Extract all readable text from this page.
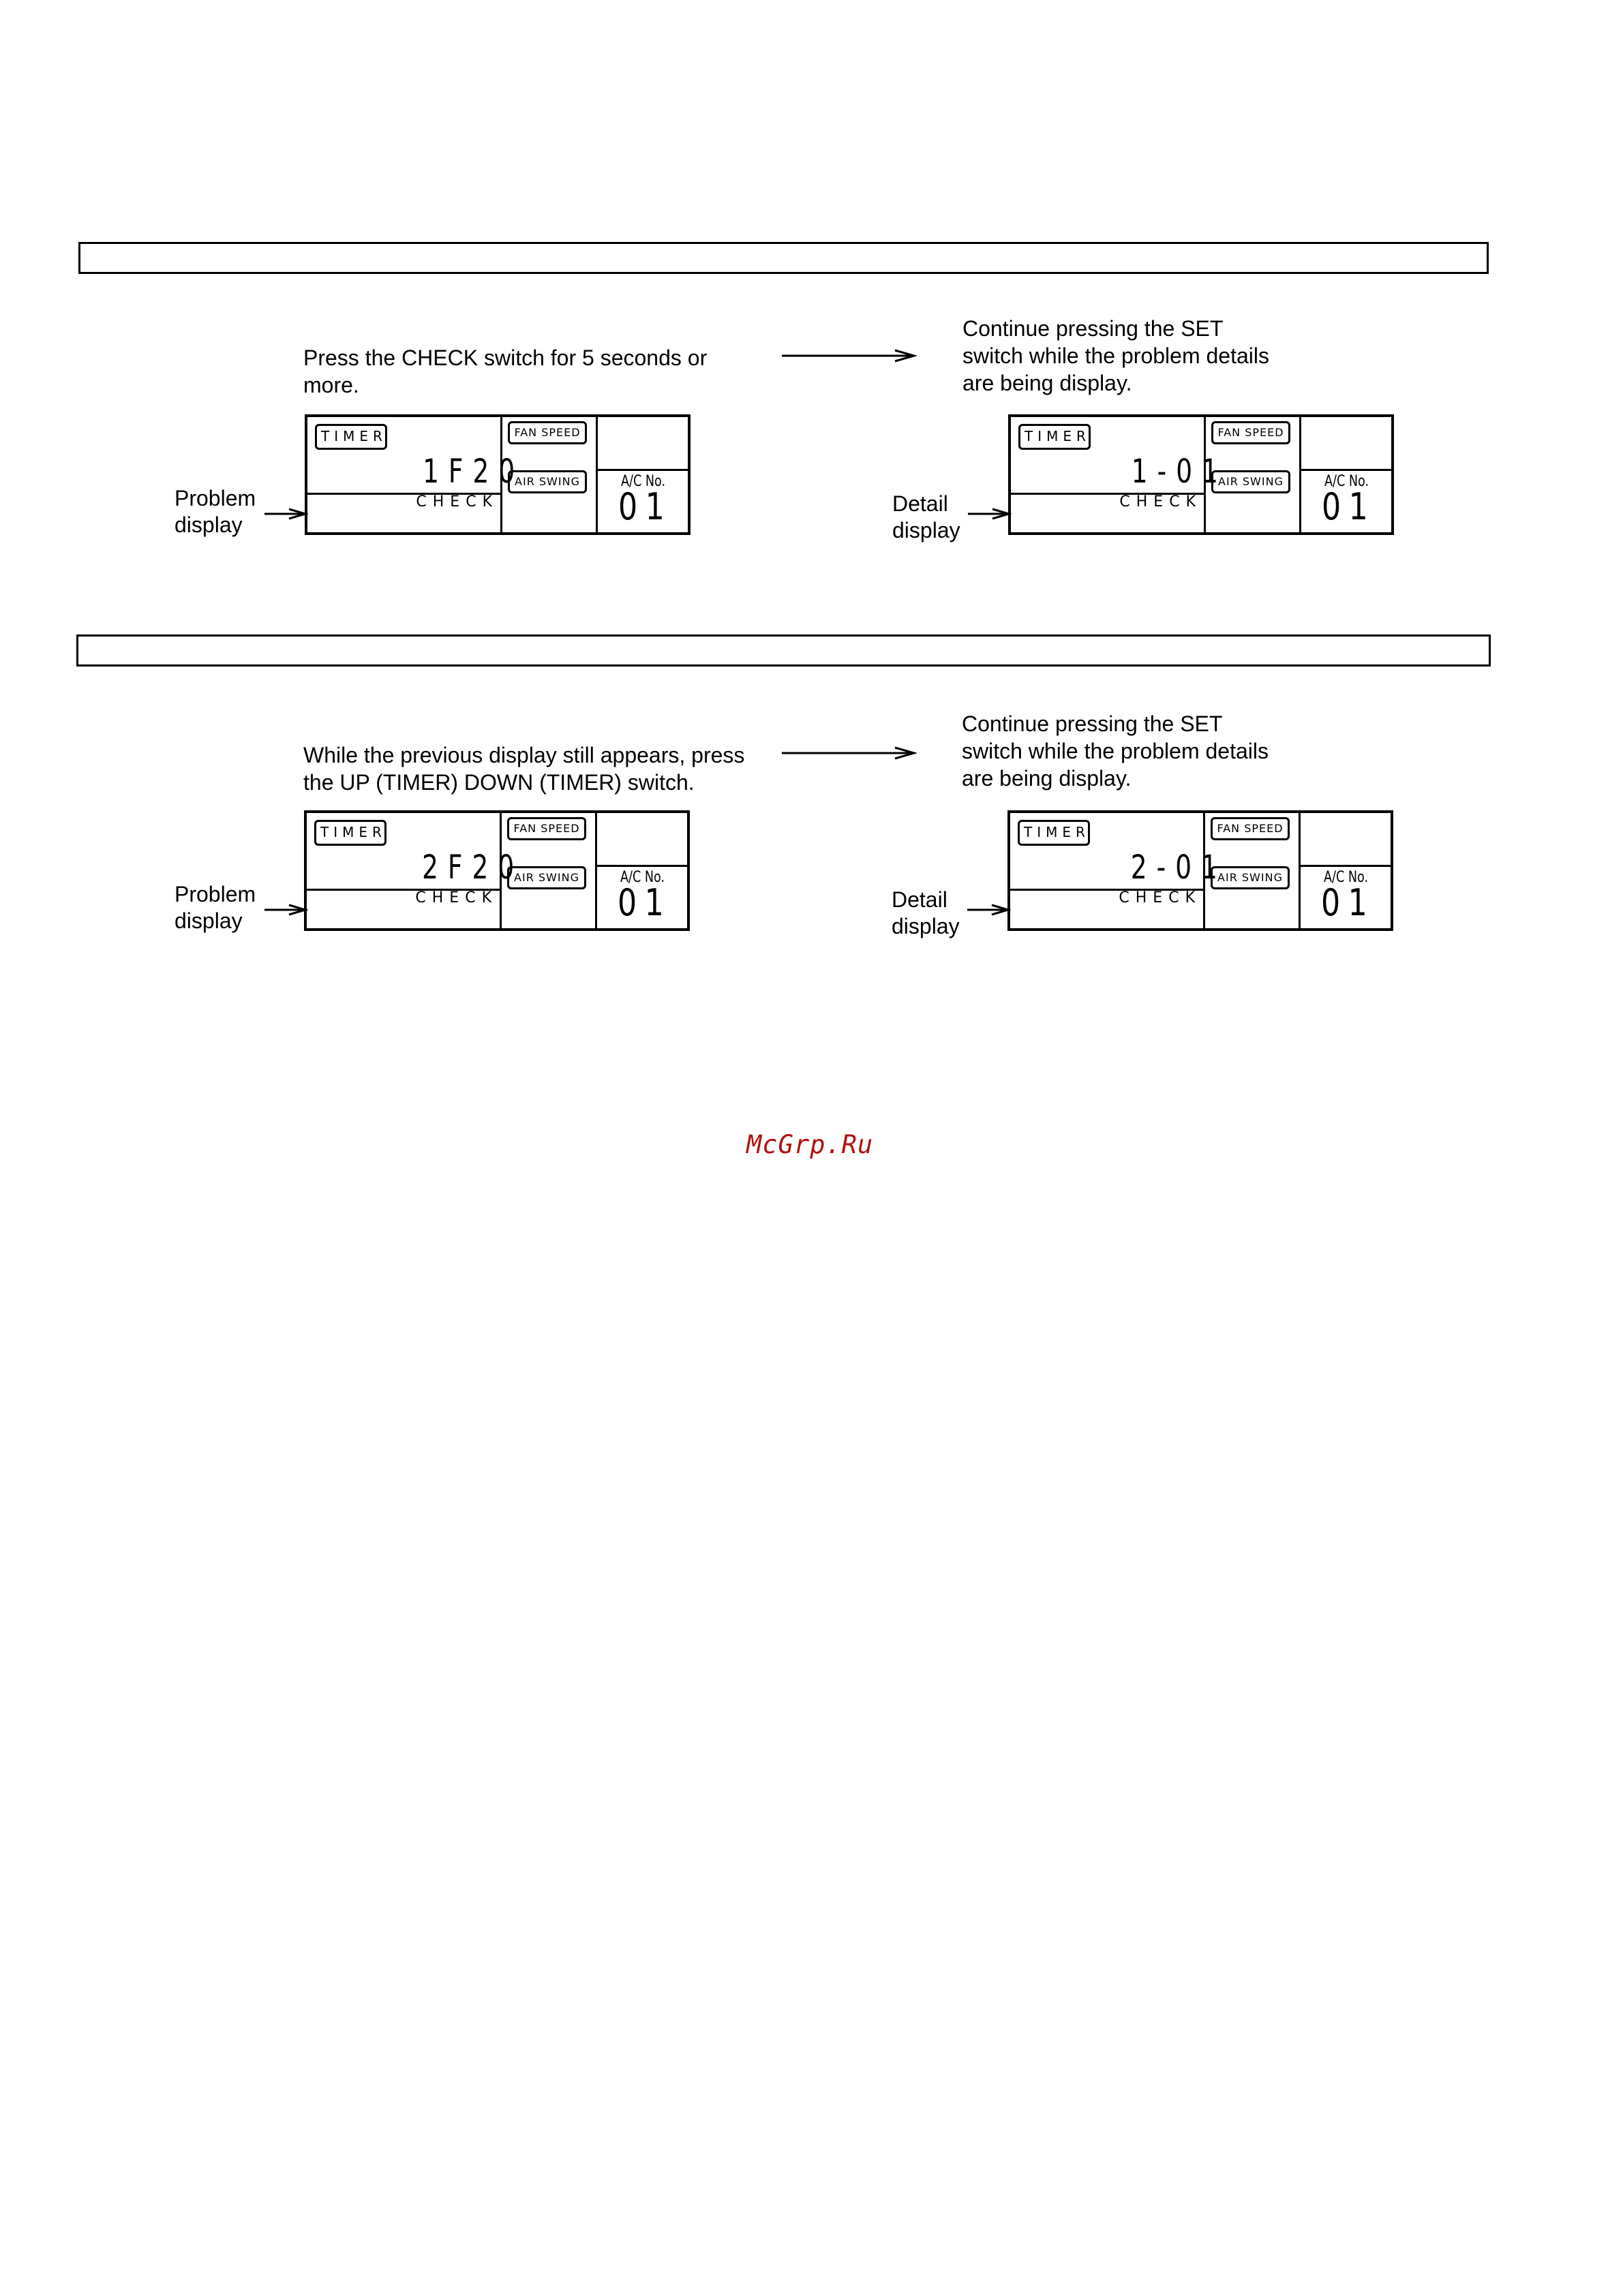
Press the CHECK switch for 5 seconds or
more.
Continue pressing the SET
switch while the problem details
are being display.
Problem
display
TIMER	FAN SPEED
AIR SWING
1F20
CHECK
A/C No.
01	Detail
display
TIMER	FAN SPEED
AIR SWING
1-01
CHECK
A/C No.
01
While the previous display still appears, press
the UP (TIMER) DOWN (TIMER) switch.
Continue pressing the SET
switch while the problem details
are being display.
Problem
display
TIMER	FAN SPEED
AIR SWING
2F20
CHECK
A/C No.
01	Detail
display
TIMER	FAN SPEED
AIR SWING
2-01
CHECK
A/C No.
01
McGrp.Ru
